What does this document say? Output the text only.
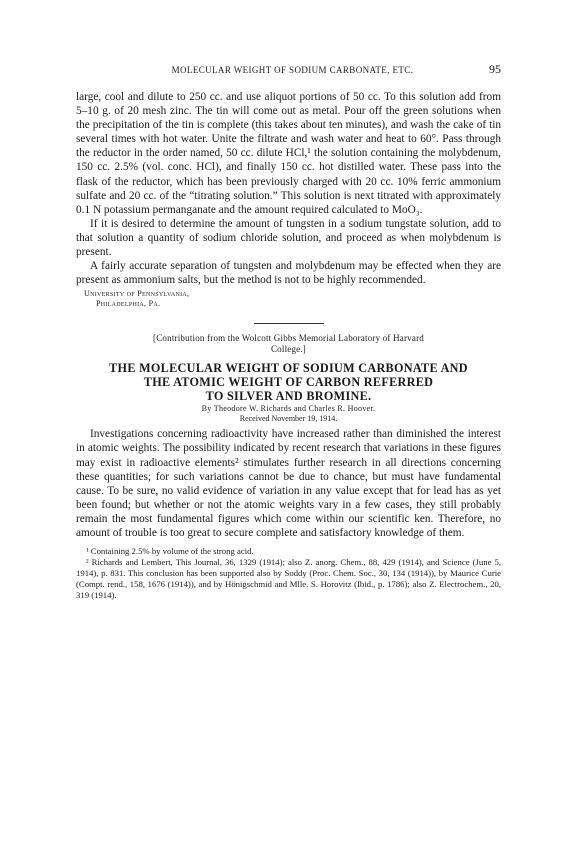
MOLECULAR WEIGHT OF SODIUM CARBONATE, ETC.	95

large, cool and dilute to 250 cc. and use aliquot portions of 50 cc. To this solution add from 5–10 g. of 20 mesh zinc. The tin will come out as metal. Pour off the green solutions when the precipitation of the tin is complete (this takes about ten minutes), and wash the cake of tin several times with hot water. Unite the filtrate and wash water and heat to 60°. Pass through the reductor in the order named, 50 cc. dilute HCl,¹ the solution containing the molybdenum, 150 cc. 2.5% (vol. conc. HCl), and finally 150 cc. hot distilled water. These pass into the flask of the reductor, which has been previously charged with 20 cc. 10% ferric ammonium sulfate and 20 cc. of the “titrating solution.” This solution is next titrated with approximately 0.1 N potassium permanganate and the amount required calculated to MoO₃.

If it is desired to determine the amount of tungsten in a sodium tungstate solution, add to that solution a quantity of sodium chloride solution, and proceed as when molybdenum is present.

A fairly accurate separation of tungsten and molybdenum may be effected when they are present as ammonium salts, but the method is not to be highly recommended.

University of Pennsylvania,
Philadelphia, Pa.

[Contribution from the Wolcott Gibbs Memorial Laboratory of Harvard

College.]

THE MOLECULAR WEIGHT OF SODIUM CARBONATE AND
THE ATOMIC WEIGHT OF CARBON REFERRED
TO SILVER AND BROMINE.
By Theodore W. Richards and Charles R. Hoover.
Received November 19, 1914.

Investigations concerning radioactivity have increased rather than diminished the interest in atomic weights. The possibility indicated by recent research that variations in these figures may exist in radioactive elements² stimulates further research in all directions concerning these quantities; for such variations cannot be due to chance, but must have fundamental cause. To be sure, no valid evidence of variation in any value except that for lead has as yet been found; but whether or not the atomic weights vary in a few cases, they still probably remain the most fundamental figures which come within our scientific ken. Therefore, no amount of trouble is too great to secure complete and satisfactory knowledge of them.

¹ Containing 2.5% by volume of the strong acid.

² Richards and Lembert, This Journal, 36, 1329 (1914); also Z. anorg. Chem., 88, 429 (1914), and Science (June 5, 1914), p. 831. This conclusion has been supported also by Soddy (Proc. Chem. Soc., 30, 134 (1914)), by Maurice Curie (Compt. rend., 158, 1676 (1914)), and by Hönigschmid and Mlle. S. Horovitz (Ibid., p. 1786); also Z. Electrochem., 20, 319 (1914).
